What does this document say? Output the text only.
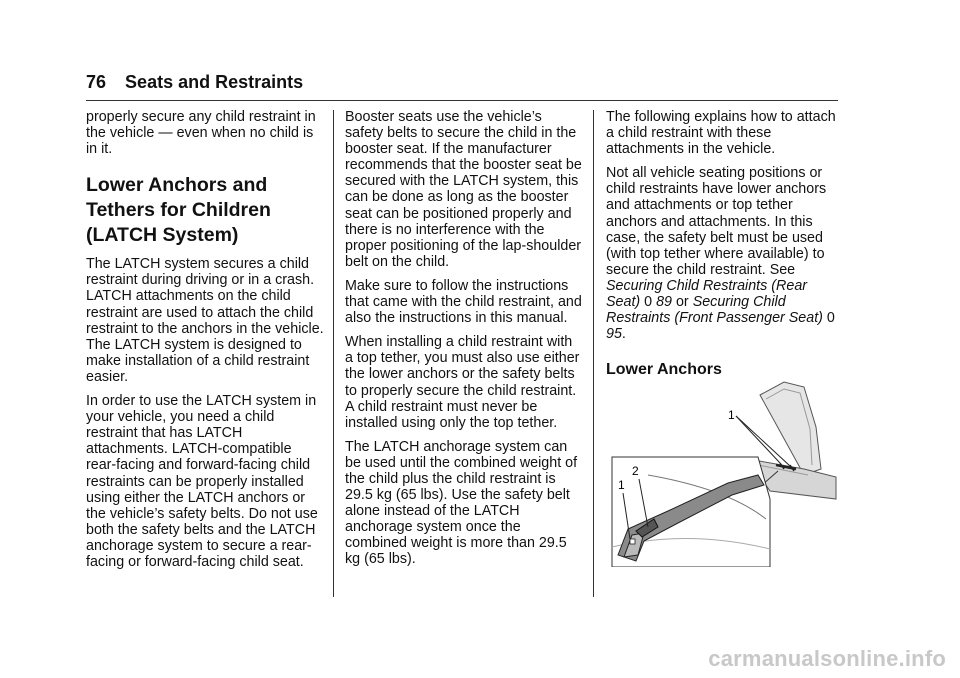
76 Seats and Restraints

properly secure any child restraint in the vehicle — even when no child is in it.

Lower Anchors and Tethers for Children (LATCH System)

The LATCH system secures a child restraint during driving or in a crash. LATCH attachments on the child restraint are used to attach the child restraint to the anchors in the vehicle. The LATCH system is designed to make installation of a child restraint easier.

In order to use the LATCH system in your vehicle, you need a child restraint that has LATCH attachments. LATCH-compatible rear-facing and forward-facing child restraints can be properly installed using either the LATCH anchors or the vehicle’s safety belts. Do not use both the safety belts and the LATCH anchorage system to secure a rear-facing or forward-facing child seat.

Booster seats use the vehicle’s safety belts to secure the child in the booster seat. If the manufacturer recommends that the booster seat be secured with the LATCH system, this can be done as long as the booster seat can be positioned properly and there is no interference with the proper positioning of the lap-shoulder belt on the child.

Make sure to follow the instructions that came with the child restraint, and also the instructions in this manual.

When installing a child restraint with a top tether, you must also use either the lower anchors or the safety belts to properly secure the child restraint. A child restraint must never be installed using only the top tether.

The LATCH anchorage system can be used until the combined weight of the child plus the child restraint is 29.5 kg (65 lbs). Use the safety belt alone instead of the LATCH anchorage system once the combined weight is more than 29.5 kg (65 lbs).

The following explains how to attach a child restraint with these attachments in the vehicle.

Not all vehicle seating positions or child restraints have lower anchors and attachments or top tether anchors and attachments. In this case, the safety belt must be used (with top tether where available) to secure the child restraint. See Securing Child Restraints (Rear Seat) 0 89 or Securing Child Restraints (Front Passenger Seat) 0 95.

Lower Anchors
1
2
1
carmanualsonline.info
